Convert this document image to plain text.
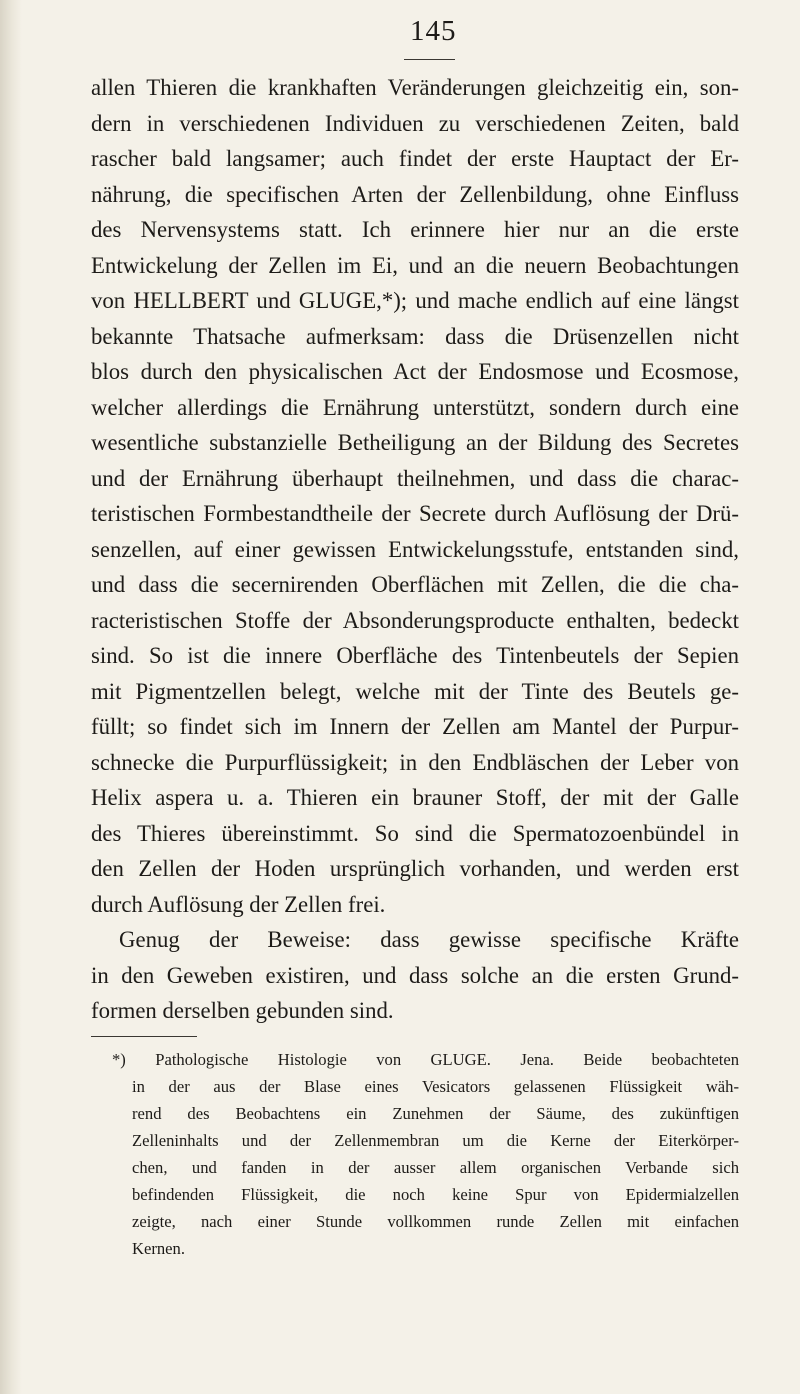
145
allen Thieren die krankhaften Veränderungen gleichzeitig ein, son-
dern in verschiedenen Individuen zu verschiedenen Zeiten, bald
rascher bald langsamer; auch findet der erste Hauptact der Er-
nährung, die specifischen Arten der Zellenbildung, ohne Einfluss
des Nervensystems statt. Ich erinnere hier nur an die erste
Entwickelung der Zellen im Ei, und an die neuern Beobachtungen
von HELLBERT und GLUGE,*); und mache endlich auf eine längst
bekannte Thatsache aufmerksam: dass die Drüsenzellen nicht
blos durch den physicalischen Act der Endosmose und Ecosmose,
welcher allerdings die Ernährung unterstützt, sondern durch eine
wesentliche substanzielle Betheiligung an der Bildung des Secretes
und der Ernährung überhaupt theilnehmen, und dass die charac-
teristischen Formbestandtheile der Secrete durch Auflösung der Drü-
senzellen, auf einer gewissen Entwickelungsstufe, entstanden sind,
und dass die secernirenden Oberflächen mit Zellen, die die cha-
racteristischen Stoffe der Absonderungsproducte enthalten, bedeckt
sind. So ist die innere Oberfläche des Tintenbeutels der Sepien
mit Pigmentzellen belegt, welche mit der Tinte des Beutels ge-
füllt; so findet sich im Innern der Zellen am Mantel der Purpur-
schnecke die Purpurflüssigkeit; in den Endbläschen der Leber von
Helix aspera u. a. Thieren ein brauner Stoff, der mit der Galle
des Thieres übereinstimmt. So sind die Spermatozoenbündel in
den Zellen der Hoden ursprünglich vorhanden, und werden erst
durch Auflösung der Zellen frei.
Genug der Beweise: dass gewisse specifische Kräfte
in den Geweben existiren, und dass solche an die ersten Grund-
formen derselben gebunden sind.
*) Pathologische Histologie von GLUGE. Jena. Beide beobachteten
in der aus der Blase eines Vesicators gelassenen Flüssigkeit wäh-
rend des Beobachtens ein Zunehmen der Säume, des zukünftigen
Zelleninhalts und der Zellenmembran um die Kerne der Eiterkörper-
chen, und fanden in der ausser allem organischen Verbande sich
befindenden Flüssigkeit, die noch keine Spur von Epidermialzellen
zeigte, nach einer Stunde vollkommen runde Zellen mit einfachen
Kernen.
